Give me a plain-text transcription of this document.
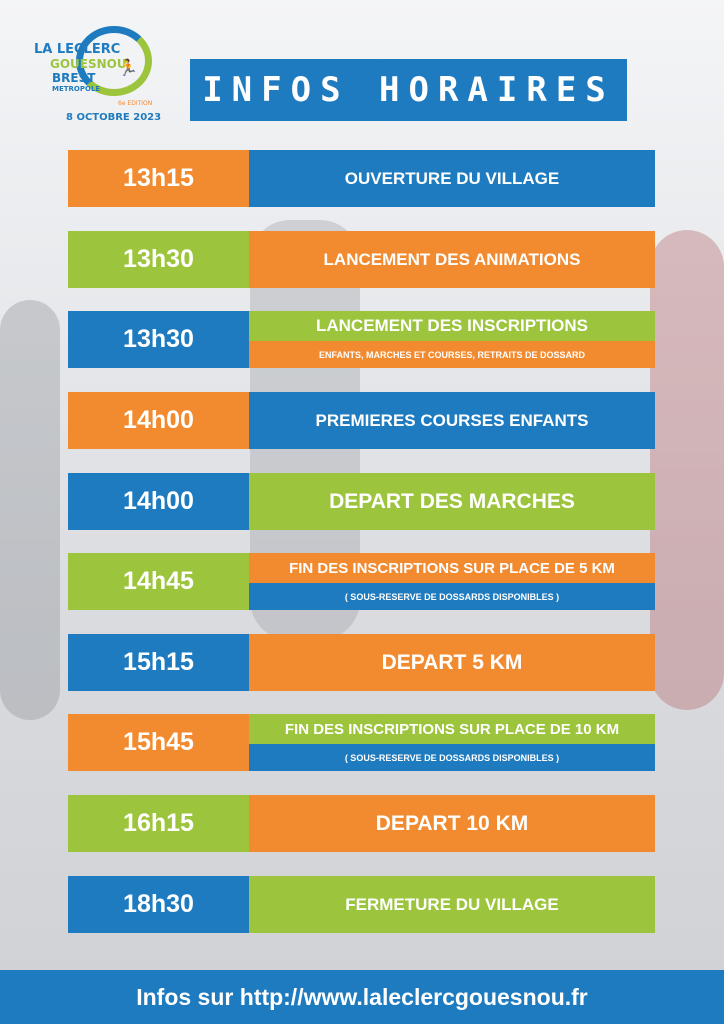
LA LECLERC
GOUESNOU
BREST
METROPOLE
🏃
6e EDITION
8 OCTOBRE 2023
INFOS HORAIRES
13h15	OUVERTURE DU VILLAGE
13h30	LANCEMENT DES ANIMATIONS
13h30	LANCEMENT DES INSCRIPTIONS
ENFANTS, MARCHES ET COURSES, RETRAITS DE DOSSARD
14h00	PREMIERES COURSES ENFANTS
14h00	DEPART DES MARCHES
14h45	FIN DES INSCRIPTIONS SUR PLACE DE 5 KM
( SOUS-RESERVE DE DOSSARDS DISPONIBLES )
15h15	DEPART 5 KM
15h45	FIN DES INSCRIPTIONS SUR PLACE DE 10 KM
( SOUS-RESERVE DE DOSSARDS DISPONIBLES )
16h15	DEPART 10 KM
18h30	FERMETURE DU VILLAGE
Infos sur http://www.laleclercgouesnou.fr
